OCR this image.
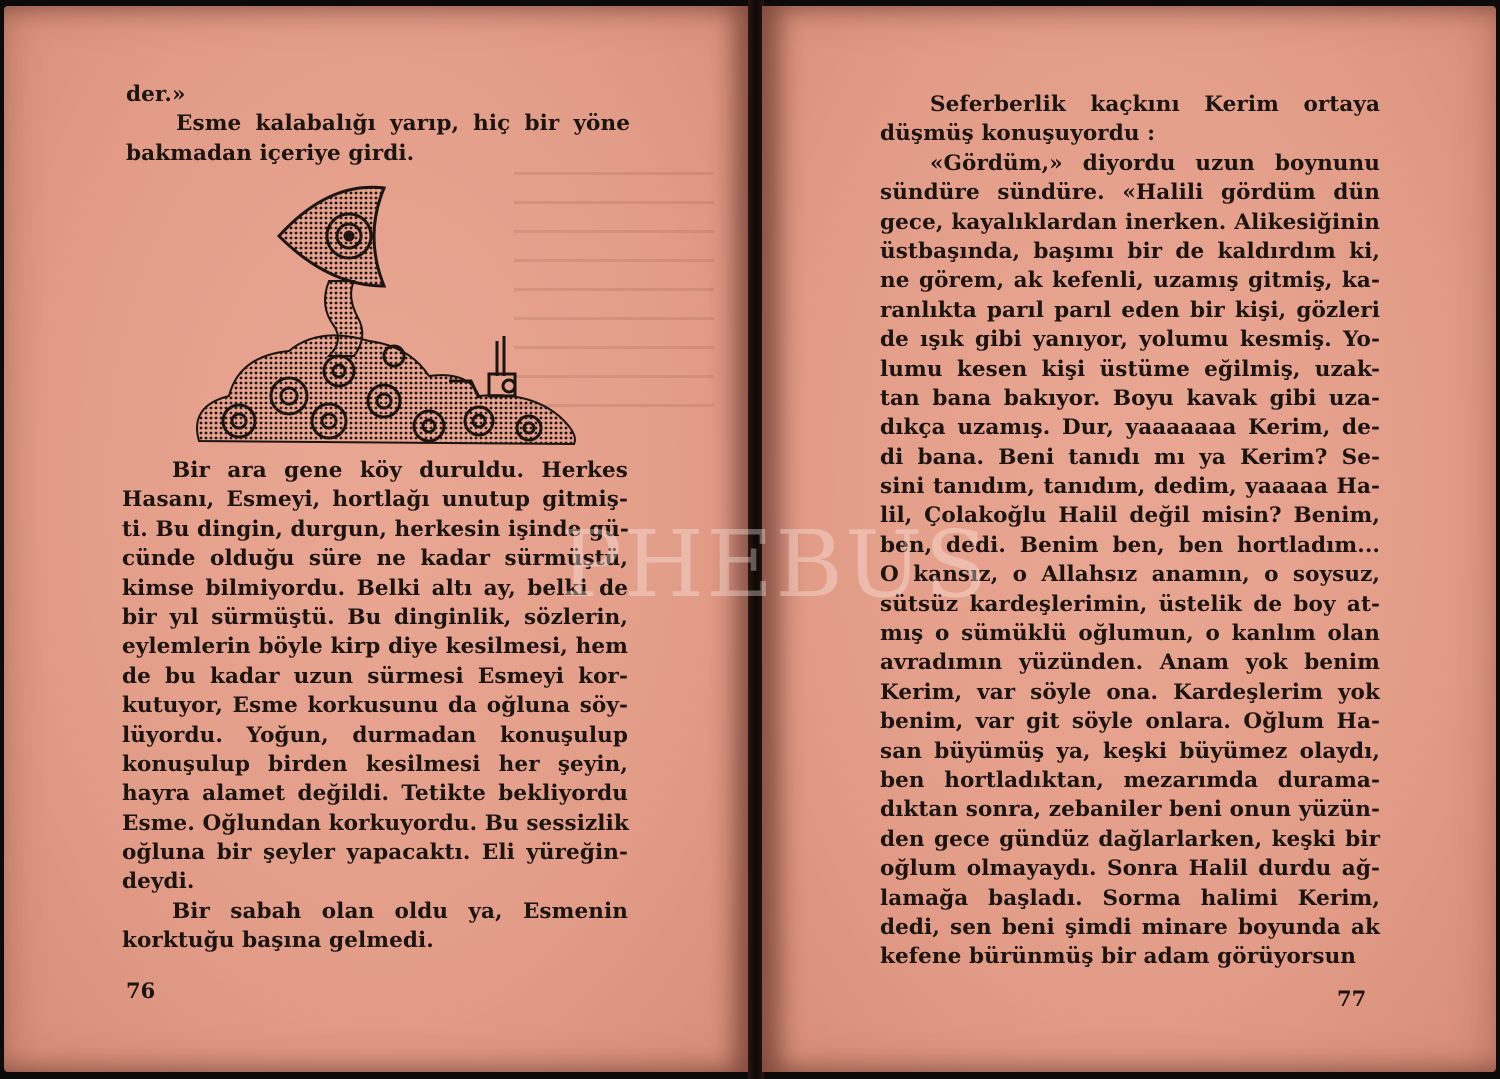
der.»
Esme kalabalığı yarıp, hiç bir yöne
bakmadan içeriye girdi.
Bir ara gene köy duruldu. Herkes
Hasanı, Esmeyi, hortlağı unutup gitmiş-
ti. Bu dingin, durgun, herkesin işinde gü-
cünde olduğu süre ne kadar sürmüştü,
kimse bilmiyordu. Belki altı ay, belki de
bir yıl sürmüştü. Bu dinginlik, sözlerin,
eylemlerin böyle kirp diye kesilmesi, hem
de bu kadar uzun sürmesi Esmeyi kor-
kutuyor, Esme korkusunu da oğluna söy-
lüyordu. Yoğun, durmadan konuşulup
konuşulup birden kesilmesi her şeyin,
hayra alamet değildi. Tetikte bekliyordu
Esme. Oğlundan korkuyordu. Bu sessizlik
oğluna bir şeyler yapacaktı. Eli yüreğin-
deydi.
Bir sabah olan oldu ya, Esmenin
korktuğu başına gelmedi.
76
Seferberlik kaçkını Kerim ortaya
düşmüş konuşuyordu :
«Gördüm,» diyordu uzun boynunu
sündüre sündüre. «Halili gördüm dün
gece, kayalıklardan inerken. Alikesiğinin
üstbaşında, başımı bir de kaldırdım ki,
ne görem, ak kefenli, uzamış gitmiş, ka-
ranlıkta parıl parıl eden bir kişi, gözleri
de ışık gibi yanıyor, yolumu kesmiş. Yo-
lumu kesen kişi üstüme eğilmiş, uzak-
tan bana bakıyor. Boyu kavak gibi uza-
dıkça uzamış. Dur, yaaaaaaa Kerim, de-
di bana. Beni tanıdı mı ya Kerim? Se-
sini tanıdım, tanıdım, dedim, yaaaaa Ha-
lil, Çolakoğlu Halil değil misin? Benim,
ben, dedi. Benim ben, ben hortladım...
O kansız, o Allahsız anamın, o soysuz,
sütsüz kardeşlerimin, üstelik de boy at-
mış o sümüklü oğlumun, o kanlım olan
avradımın yüzünden. Anam yok benim
Kerim, var söyle ona. Kardeşlerim yok
benim, var git söyle onlara. Oğlum Ha-
san büyümüş ya, keşki büyümez olaydı,
ben hortladıktan, mezarımda durama-
dıktan sonra, zebaniler beni onun yüzün-
den gece gündüz dağlarlarken, keşki bir
oğlum olmayaydı. Sonra Halil durdu ağ-
lamağa başladı. Sorma halimi Kerim,
dedi, sen beni şimdi minare boyunda ak
kefene bürünmüş bir adam görüyorsun
77
PHEBUS
